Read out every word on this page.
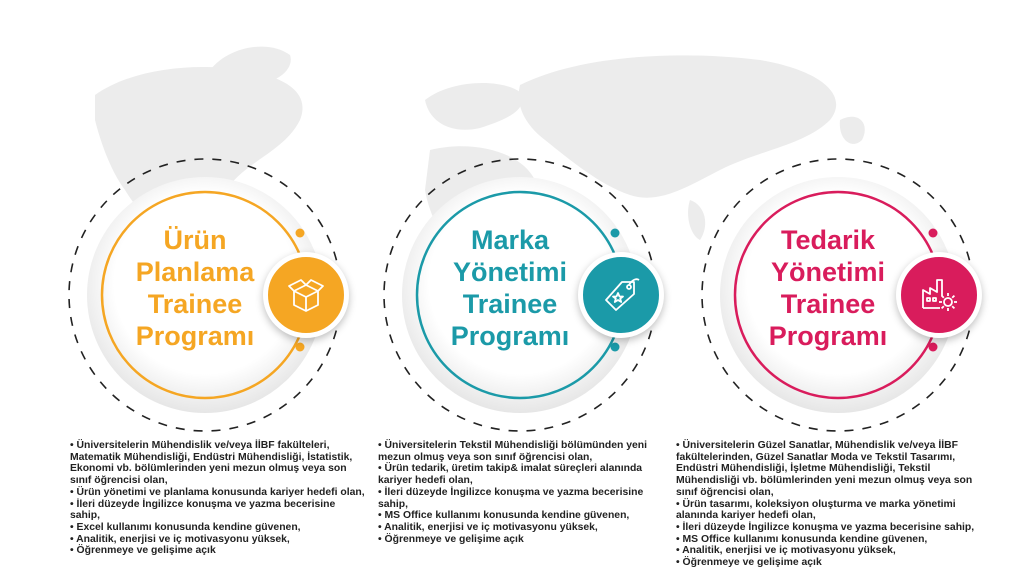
Ürün
Planlama
Trainee
Programı
Marka
Yönetimi
Trainee
Programı
Tedarik
Yönetimi
Trainee
Programı

• Üniversitelerin Mühendislik ve/veya İİBF fakülteleri, Matematik Mühendisliği, Endüstri Mühendisliği, İstatistik, Ekonomi vb. bölümlerinden yeni mezun olmuş veya son sınıf öğrencisi olan,

• Ürün yönetimi ve planlama konusunda kariyer hedefi olan,

• İleri düzeyde İngilizce konuşma ve yazma becerisine sahip,

• Excel kullanımı konusunda kendine güvenen,

• Analitik, enerjisi ve iç motivasyonu yüksek,

• Öğrenmeye ve gelişime açık

• Üniversitelerin Tekstil Mühendisliği bölümünden yeni mezun olmuş veya son sınıf öğrencisi olan,

• Ürün tedarik, üretim takip& imalat süreçleri alanında kariyer hedefi olan,

• İleri düzeyde İngilizce konuşma ve yazma becerisine sahip,

• MS Office kullanımı konusunda kendine güvenen,

• Analitik, enerjisi ve iç motivasyonu yüksek,

• Öğrenmeye ve gelişime açık

• Üniversitelerin Güzel Sanatlar, Mühendislik ve/veya İİBF fakültelerinden, Güzel Sanatlar Moda ve Tekstil Tasarımı, Endüstri Mühendisliği, İşletme Mühendisliği, Tekstil Mühendisliği vb. bölümlerinden yeni mezun olmuş veya son sınıf öğrencisi olan,

• Ürün tasarımı, koleksiyon oluşturma ve marka yönetimi alanında kariyer hedefi olan,

• İleri düzeyde İngilizce konuşma ve yazma becerisine sahip,

• MS Office kullanımı konusunda kendine güvenen,

• Analitik, enerjisi ve iç motivasyonu yüksek,

• Öğrenmeye ve gelişime açık
